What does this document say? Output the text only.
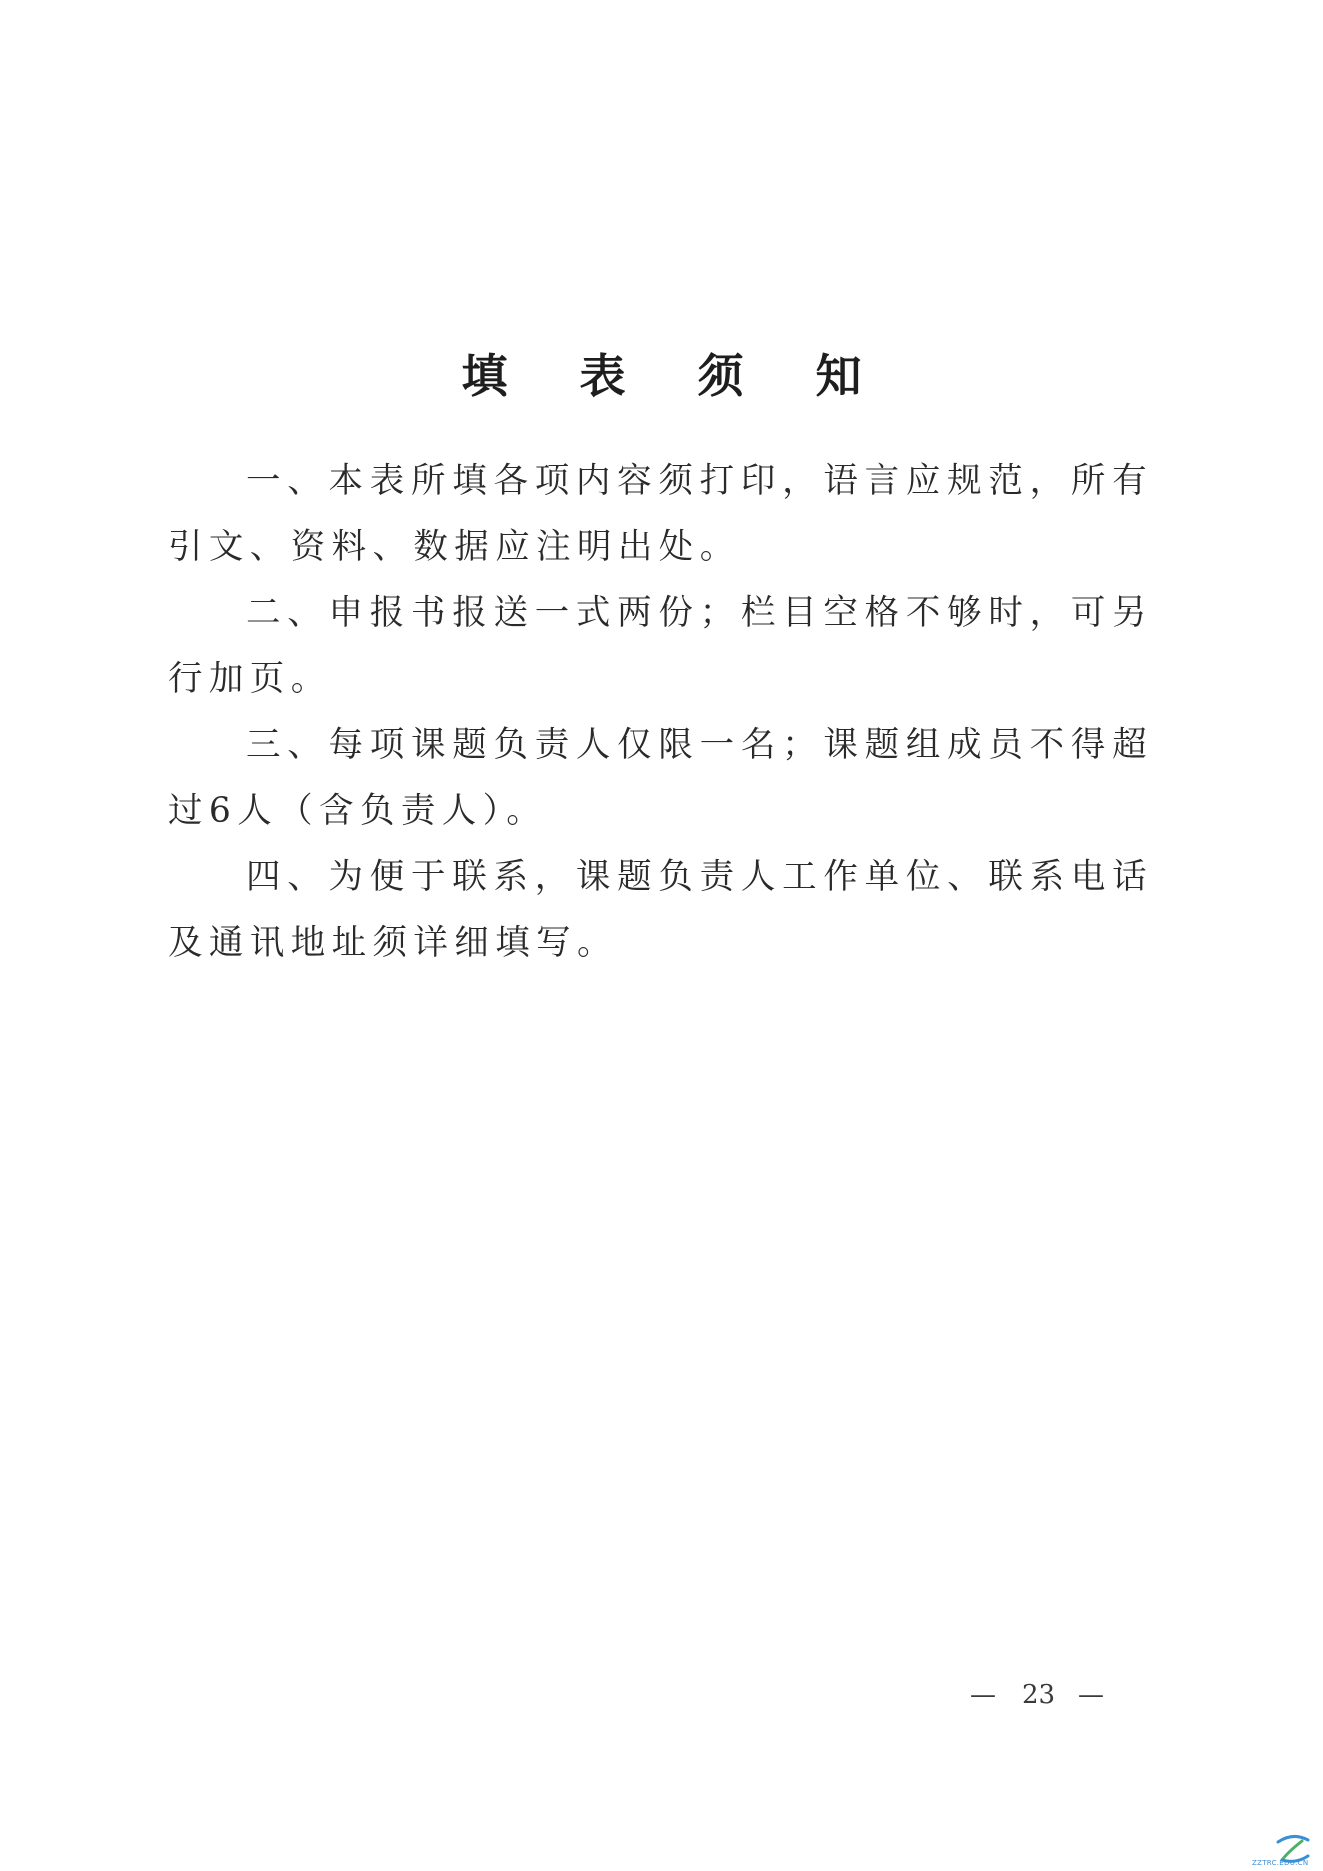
填 表 须 知

一、本表所填各项内容须打印，语言应规范，所有引文、资料、数据应注明出处。

二、申报书报送一式两份；栏目空格不够时，可另行加页。

三、每项课题负责人仅限一名；课题组成员不得超过6人（含负责人）。

四、为便于联系，课题负责人工作单位、联系电话及通讯地址须详细填写。

— 23 —
ZZTRC.EDU.CN
